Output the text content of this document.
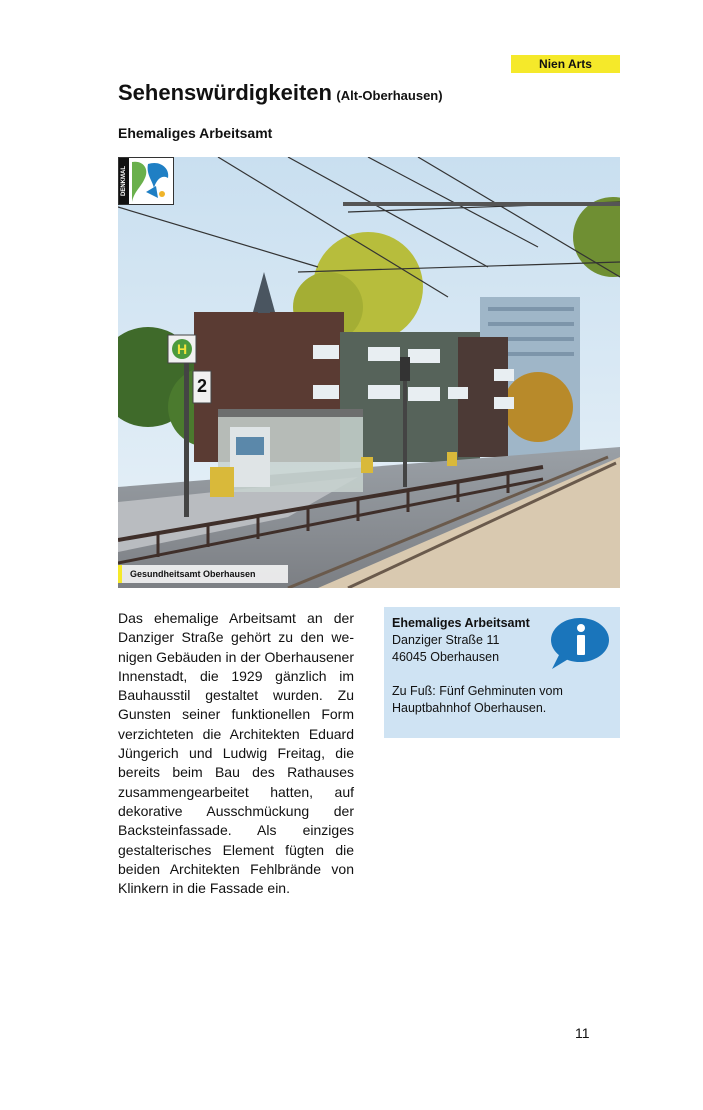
Nien Arts
Sehenswürdigkeiten (Alt-Oberhausen)
Ehemaliges Arbeitsamt
H
2
DENKMAL
Gesundheitsamt Oberhausen

Das ehemalige Arbeitsamt an der Danziger Straße gehört zu den wenigen Gebäuden in der Oberhausener Innenstadt, die 1929 gänzlich im Bauhausstil gestaltet wurden. Zu Gunsten seiner funktionellen Form verzichteten die Architekten Eduard Jüngerich und Ludwig Freitag, die bereits beim Bau des Rathauses zusammengearbeitet hatten, auf dekorative Ausschmückung der Backsteinfassade. Als einziges gestalterisches Element fügten die beiden Architekten Fehlbrände von Klinkern in die Fassade ein.

Ehemaliges Arbeitsamt
Danziger Straße 11
46045 Oberhausen
Zu Fuß: Fünf Gehminuten vom Hauptbahnhof Oberhausen.
11
